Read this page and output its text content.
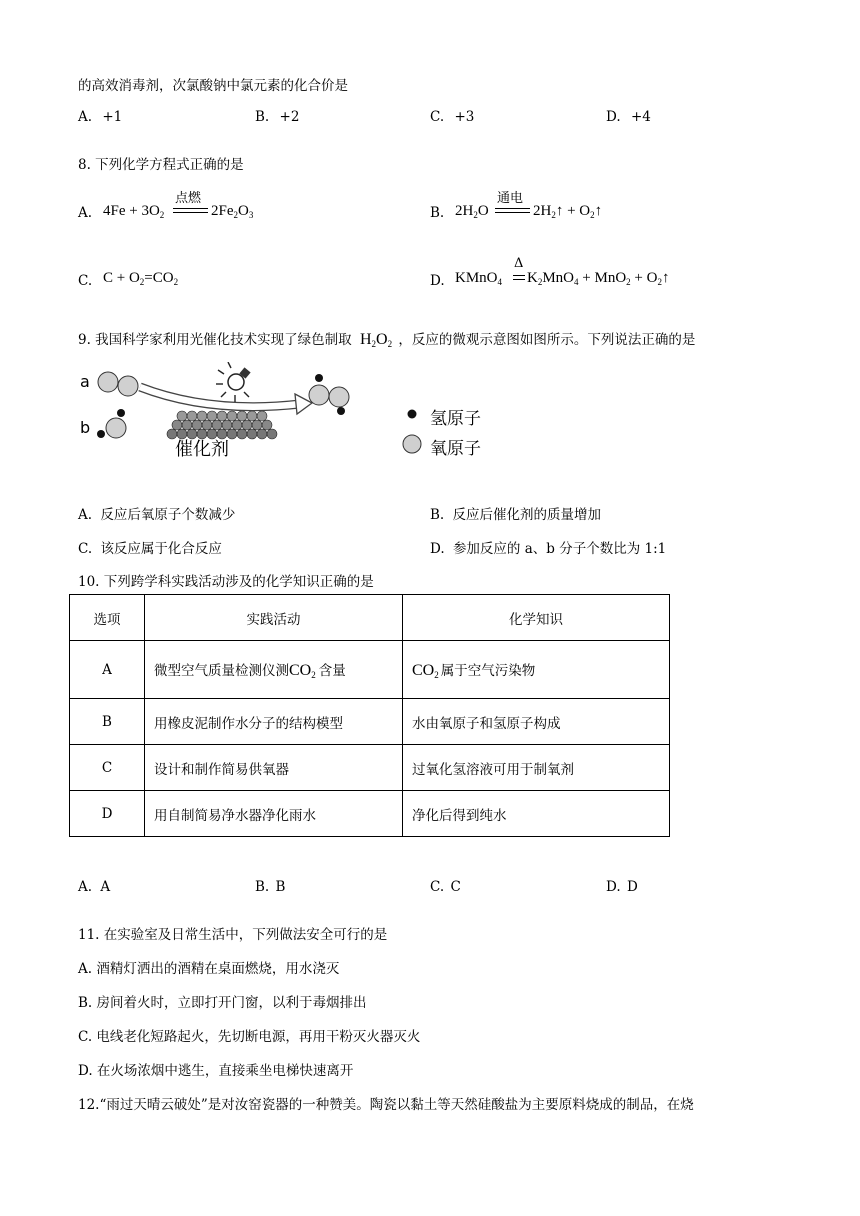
的高效消毒剂，次氯酸钠中氯元素的化合价是
A. +1	B. +2	C. +3	D. +4
8. 下列化学方程式正确的是
A. $4Fe + 3O_2$
点燃
$2Fe_2O_3$	B. $2H_2O$
通电
$2H_2↑$ + $O_2↑$
C. $C + O_2=CO_2$	D. KMnO$_4$
Δ
$K_2MnO_4 + MnO_2$ + $O_2↑$
9. 我国科学家利用光催化技术实现了绿色制取 $H_2O_2$ ，反应的微观示意图如图所示。下列说法正确的是
a
b
催化剂
氢原子
氧原子
A. 反应后氧原子个数减少	B. 反应后催化剂的质量增加
C. 该反应属于化合反应	D. 参加反应的 a、b 分子个数比为 1:1
10. 下列跨学科实践活动涉及的化学知识正确的是
选项	实践活动	化学知识
A	微型空气质量检测仪测$CO_2$ 含量	$CO_2$ 属于空气污染物
B	用橡皮泥制作水分子的结构模型	水由氧原子和氢原子构成
C	设计和制作简易供氧器	过氧化氢溶液可用于制氧剂
D	用自制简易净水器净化雨水	净化后得到纯水
A. A	B. B	C. C	D. D
11. 在实验室及日常生活中，下列做法安全可行的是
A. 酒精灯洒出的酒精在桌面燃烧，用水浇灭
B. 房间着火时，立即打开门窗，以利于毒烟排出
C. 电线老化短路起火，先切断电源，再用干粉灭火器灭火
D. 在火场浓烟中逃生，直接乘坐电梯快速离开
12.“雨过天晴云破处”是对汝窑瓷器的一种赞美。陶瓷以黏土等天然硅酸盐为主要原料烧成的制品，在烧
